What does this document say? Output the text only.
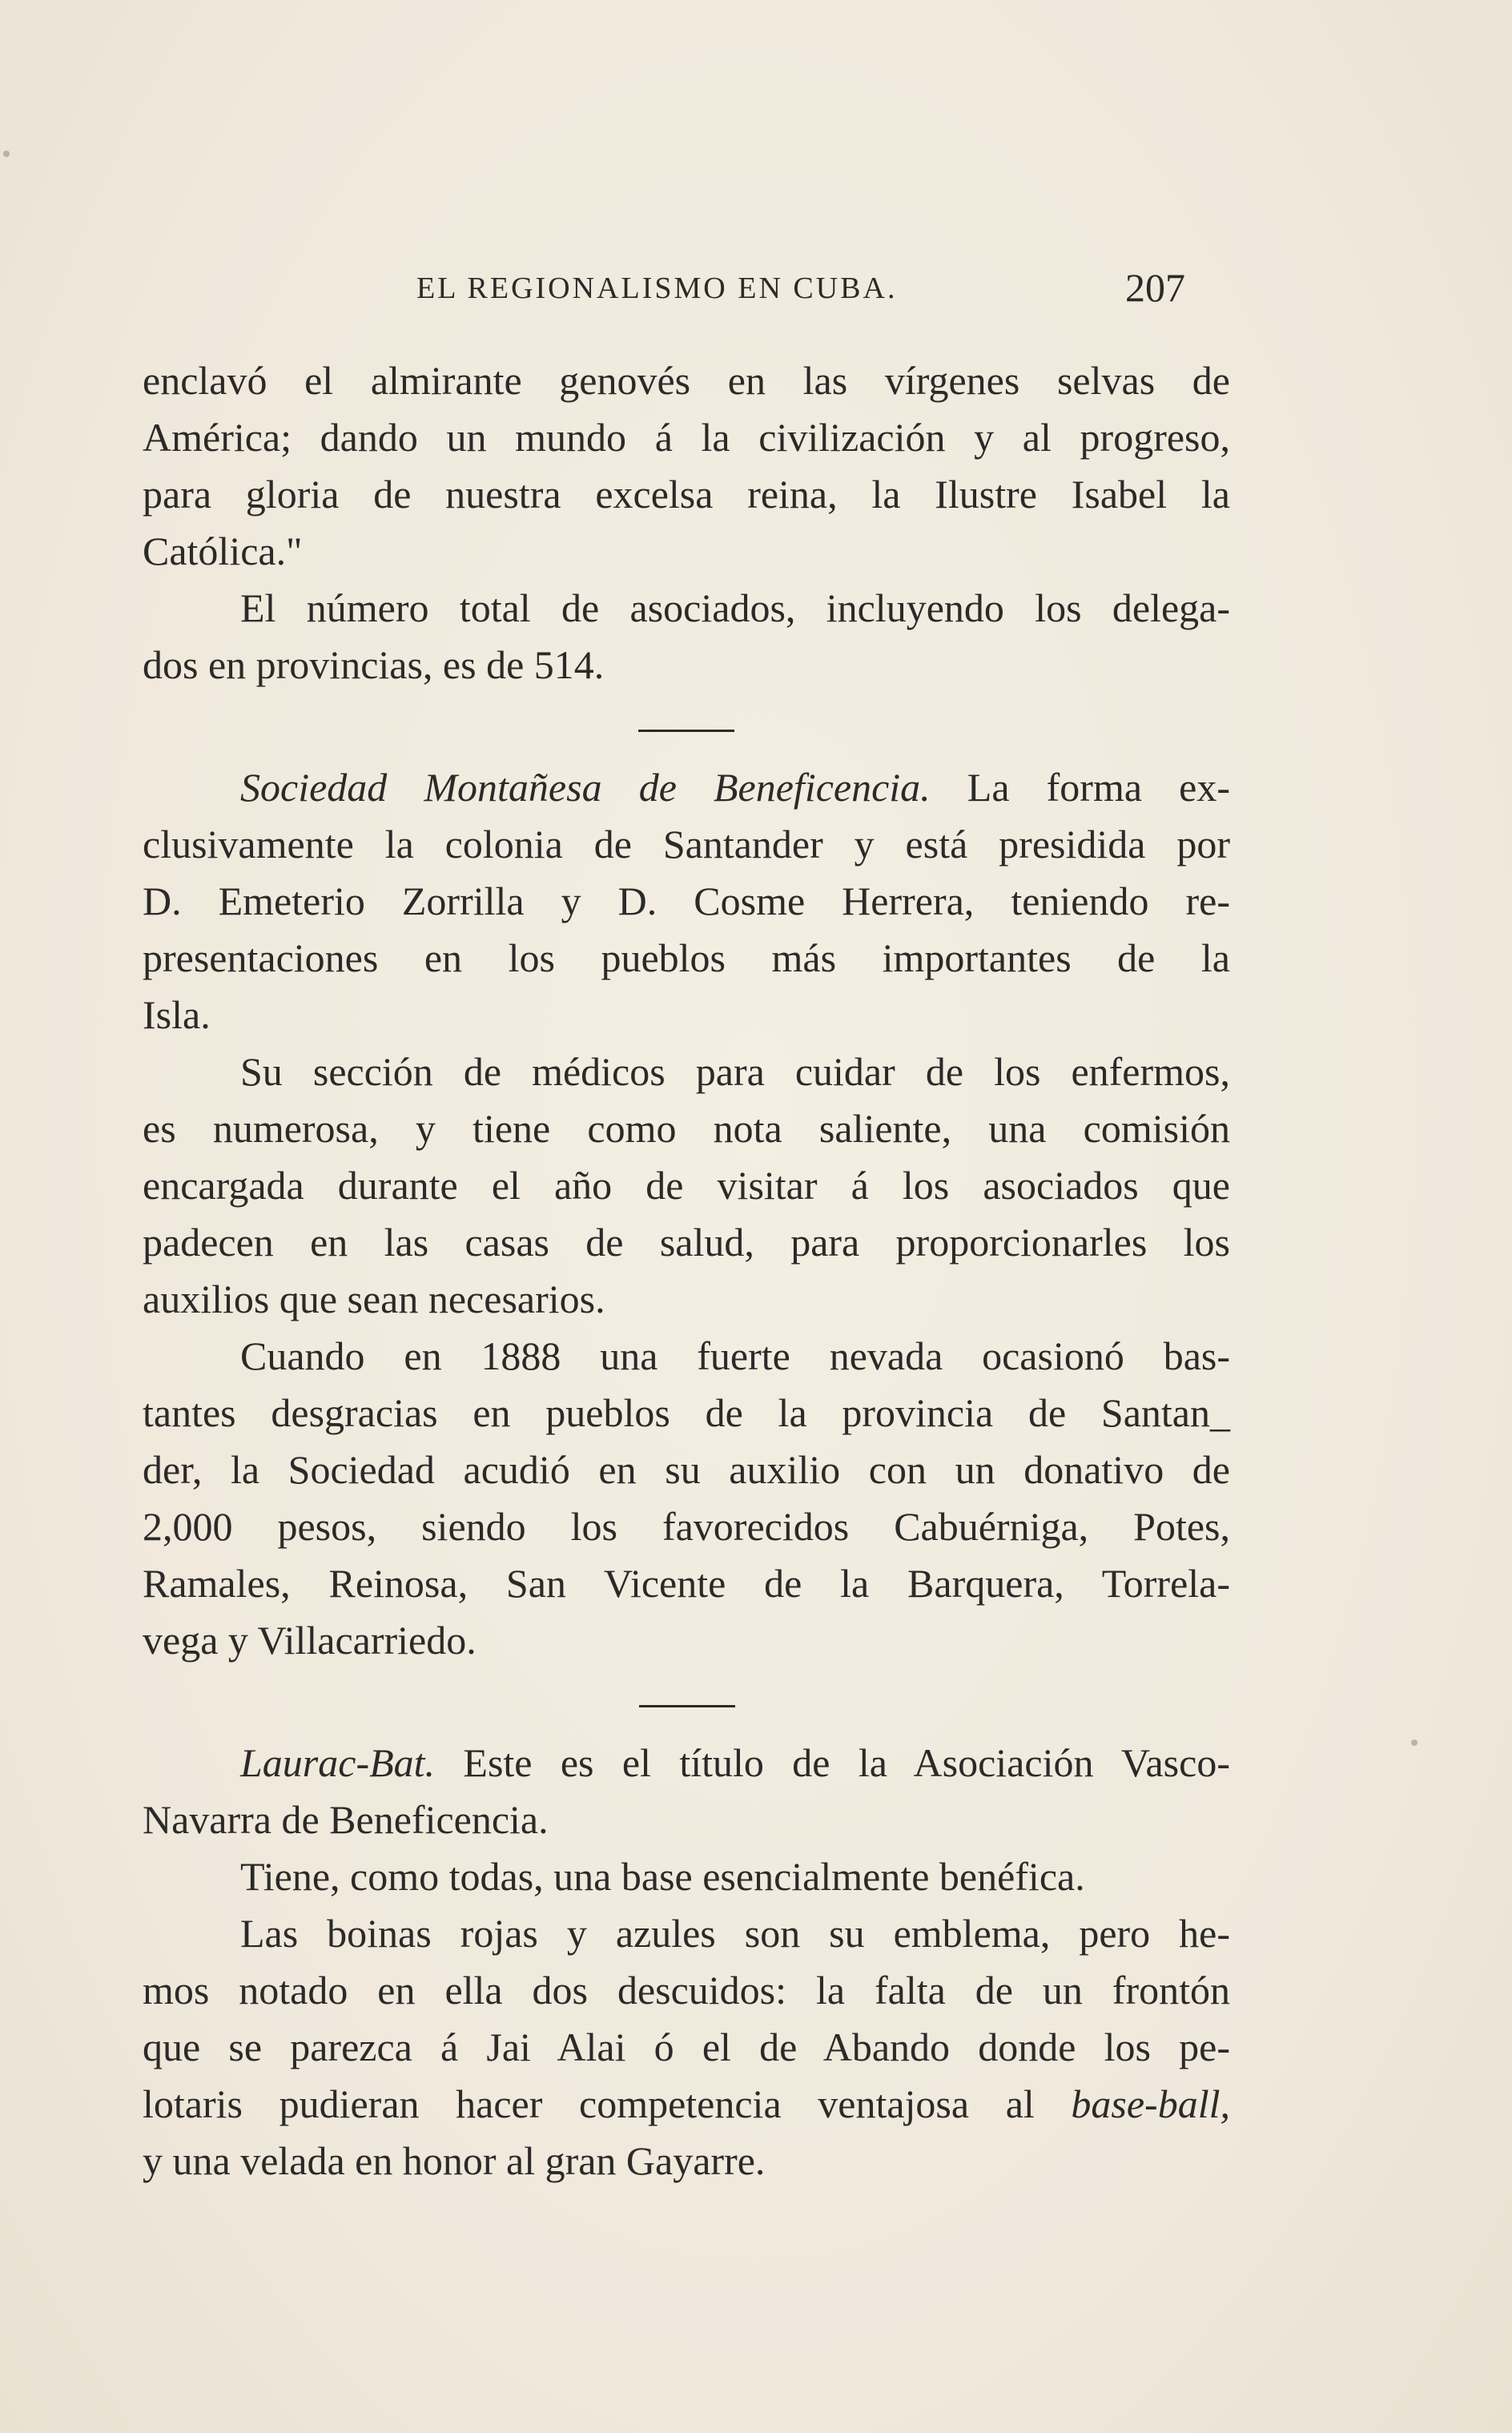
EL REGIONALISMO EN CUBA.	207
enclavó el almirante genovés en las vírgenes selvas de
América; dando un mundo á la civilización y al progreso,
para gloria de nuestra excelsa reina, la Ilustre Isabel la
Católica."
El número total de asociados, incluyendo los delega-
dos en provincias, es de 514.
Sociedad Montañesa de Beneficencia. La forma ex-
clusivamente la colonia de Santander y está presidida por
D. Emeterio Zorrilla y D. Cosme Herrera, teniendo re-
presentaciones en los pueblos más importantes de la
Isla.
Su sección de médicos para cuidar de los enfermos,
es numerosa, y tiene como nota saliente, una comisión
encargada durante el año de visitar á los asociados que
padecen en las casas de salud, para proporcionarles los
auxilios que sean necesarios.
Cuando en 1888 una fuerte nevada ocasionó bas-
tantes desgracias en pueblos de la provincia de Santan_
der, la Sociedad acudió en su auxilio con un donativo de
2,000 pesos, siendo los favorecidos Cabuérniga, Potes,
Ramales, Reinosa, San Vicente de la Barquera, Torrela-
vega y Villacarriedo.
Laurac-Bat. Este es el título de la Asociación Vasco-
Navarra de Beneficencia.
Tiene, como todas, una base esencialmente benéfica.
Las boinas rojas y azules son su emblema, pero he-
mos notado en ella dos descuidos: la falta de un frontón
que se parezca á Jai Alai ó el de Abando donde los pe-
lotaris pudieran hacer competencia ventajosa al base-ball,
y una velada en honor al gran Gayarre.
